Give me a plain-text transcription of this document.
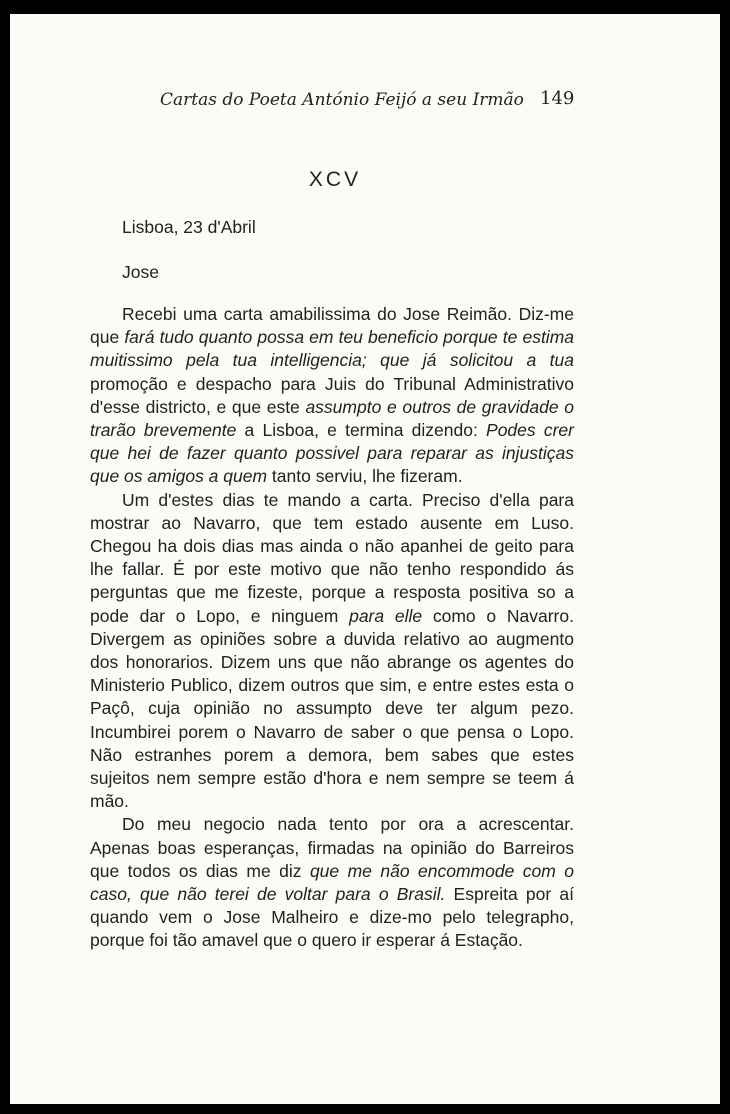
Cartas do Poeta António Feijó a seu Irmão 149
XCV
Lisboa, 23 d'Abril
Jose

Recebi uma carta amabilissima do Jose Reimão. Diz-me que fará tudo quanto possa em teu beneficio porque te estima muitissimo pela tua intelligencia; que já solicitou a tua promoção e despacho para Juis do Tribunal Administrativo d'esse districto, e que este assumpto e outros de gravidade o trarão brevemente a Lisboa, e termina dizendo: Podes crer que hei de fazer quanto possivel para reparar as injustiças que os amigos a quem tanto serviu, lhe fizeram.

Um d'estes dias te mando a carta. Preciso d'ella para mostrar ao Navarro, que tem estado ausente em Luso. Chegou ha dois dias mas ainda o não apanhei de geito para lhe fallar. É por este motivo que não tenho respondido ás perguntas que me fizeste, porque a resposta positiva so a pode dar o Lopo, e ninguem para elle como o Navarro. Divergem as opiniões sobre a duvida relativo ao augmento dos honorarios. Dizem uns que não abrange os agentes do Ministerio Publico, dizem outros que sim, e entre estes esta o Paçô, cuja opinião no assumpto deve ter algum pezo. Incumbirei porem o Navarro de saber o que pensa o Lopo. Não estranhes porem a demora, bem sabes que estes sujeitos nem sempre estão d'hora e nem sempre se teem á mão.

Do meu negocio nada tento por ora a acrescentar. Apenas boas esperanças, firmadas na opinião do Barreiros que todos os dias me diz que me não encommode com o caso, que não terei de voltar para o Brasil. Espreita por aí quando vem o Jose Malheiro e dize-mo pelo telegrapho, porque foi tão amavel que o quero ir esperar á Estação.
